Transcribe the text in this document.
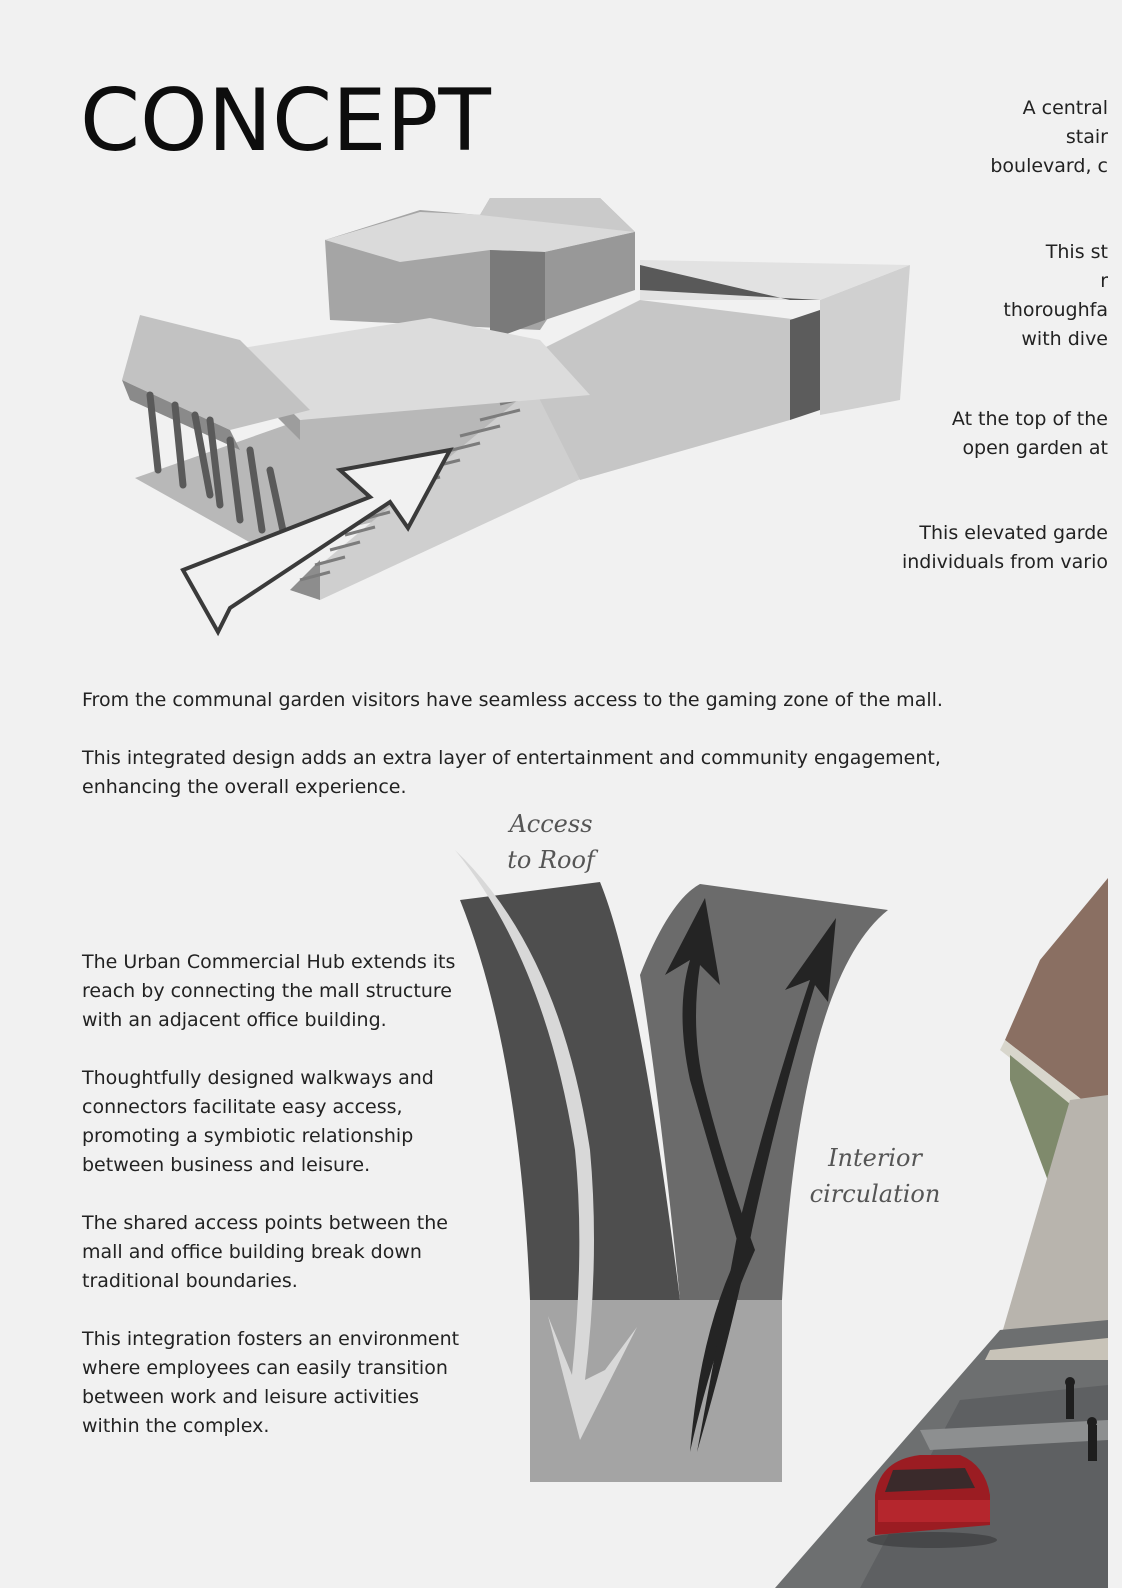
CONCEPT	A central

stair

boulevard, c

This st

r

thoroughfa

with dive

At the top of the

open garden at

This elevated garde

individuals from vario

From the communal garden visitors have seamless access to the gaming zone of the mall.

This integrated design adds an extra layer of entertainment and community engagement, enhancing the overall experience.

The Urban Commercial Hub extends its reach by connecting the mall structure with an adjacent office building.

Thoughtfully designed walkways and connectors facilitate easy access, promoting a symbiotic relationship between business and leisure.

The shared access points between the mall and office building break down traditional boundaries.

This integration fosters an environment where employees can easily transition between work and leisure activities within the complex.

Access
to Roof
Interior
circulation
